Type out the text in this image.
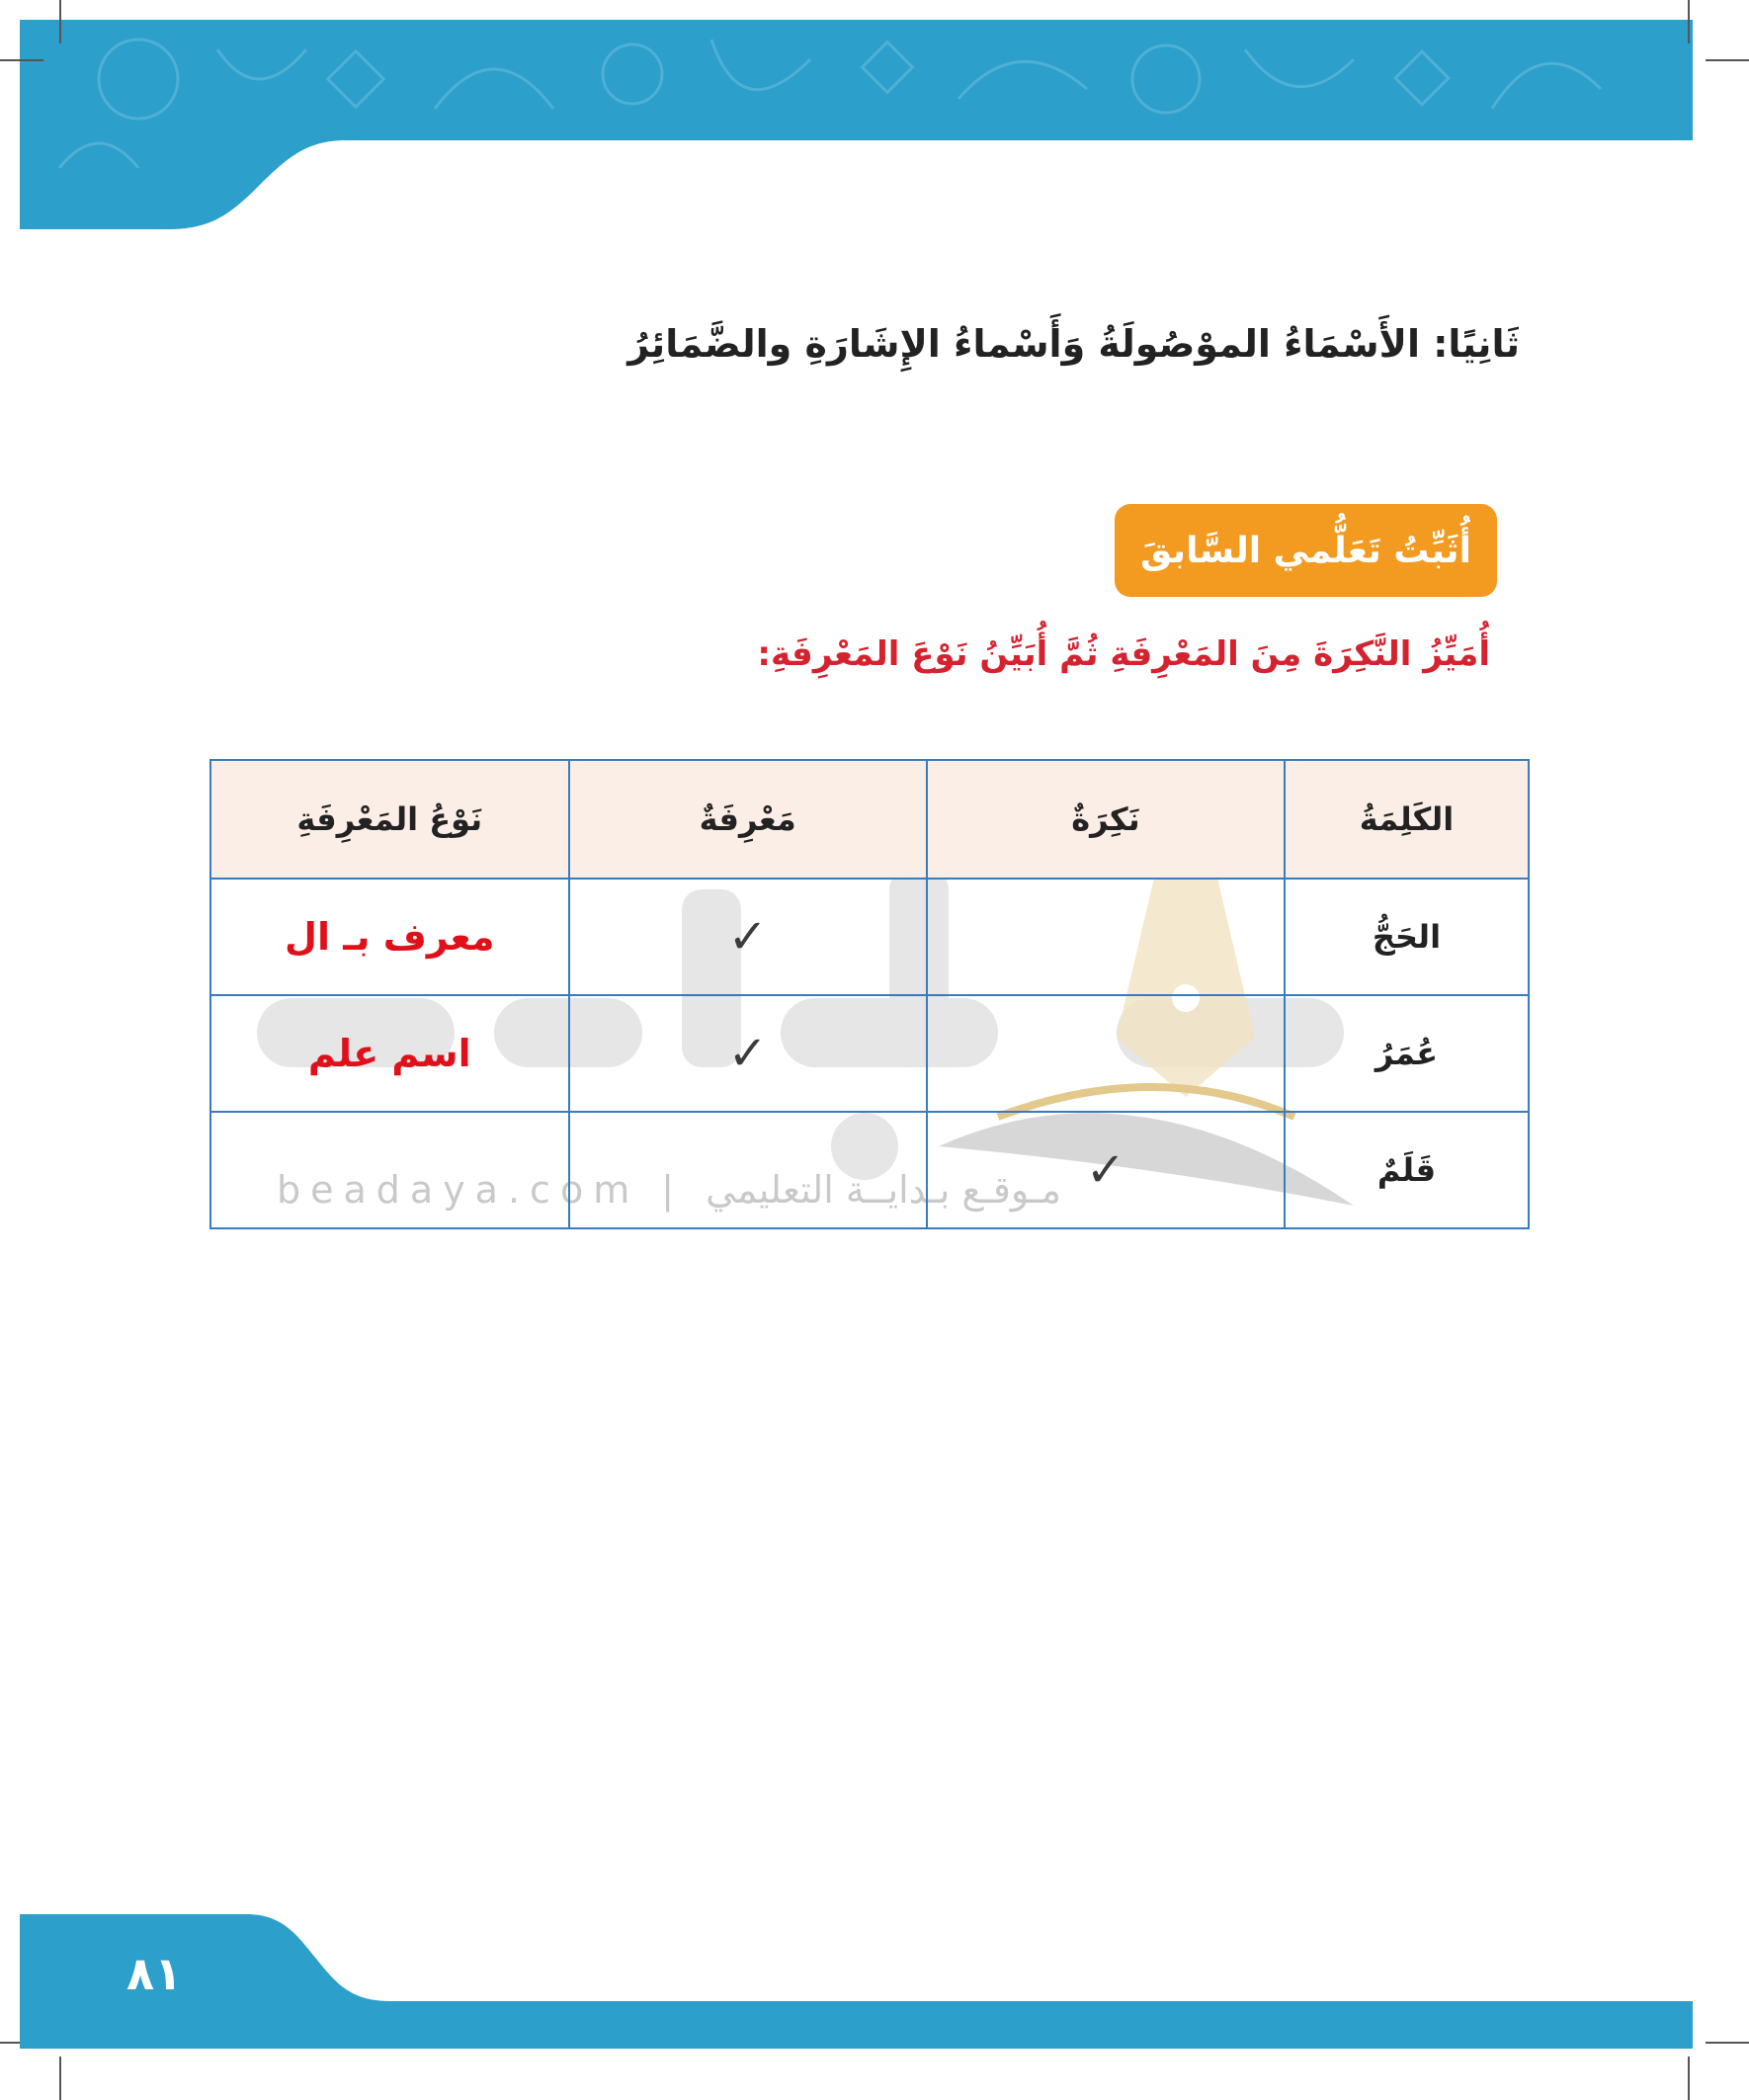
ثَانِيًا: الأَسْمَاءُ الموْصُولَةُ وَأَسْماءُ الإِشَارَةِ والضَّمَائِرُ
أُثَبِّتُ تَعَلُّمي السَّابقَ
أُمَيِّزُ النَّكِرَةَ مِنَ المَعْرِفَةِ ثُمَّ أُبَيِّنُ نَوْعَ المَعْرِفَةِ:
beadaya.com | مـوقـع بـدايــة التعليمي
الكَلِمَةُ	نَكِرَةٌ	مَعْرِفَةٌ	نَوْعُ المَعْرِفَةِ
الحَجُّ		✓	معرف بـ ال
عُمَرُ		✓	اسم علم
قَلَمٌ	✓		
٨١
